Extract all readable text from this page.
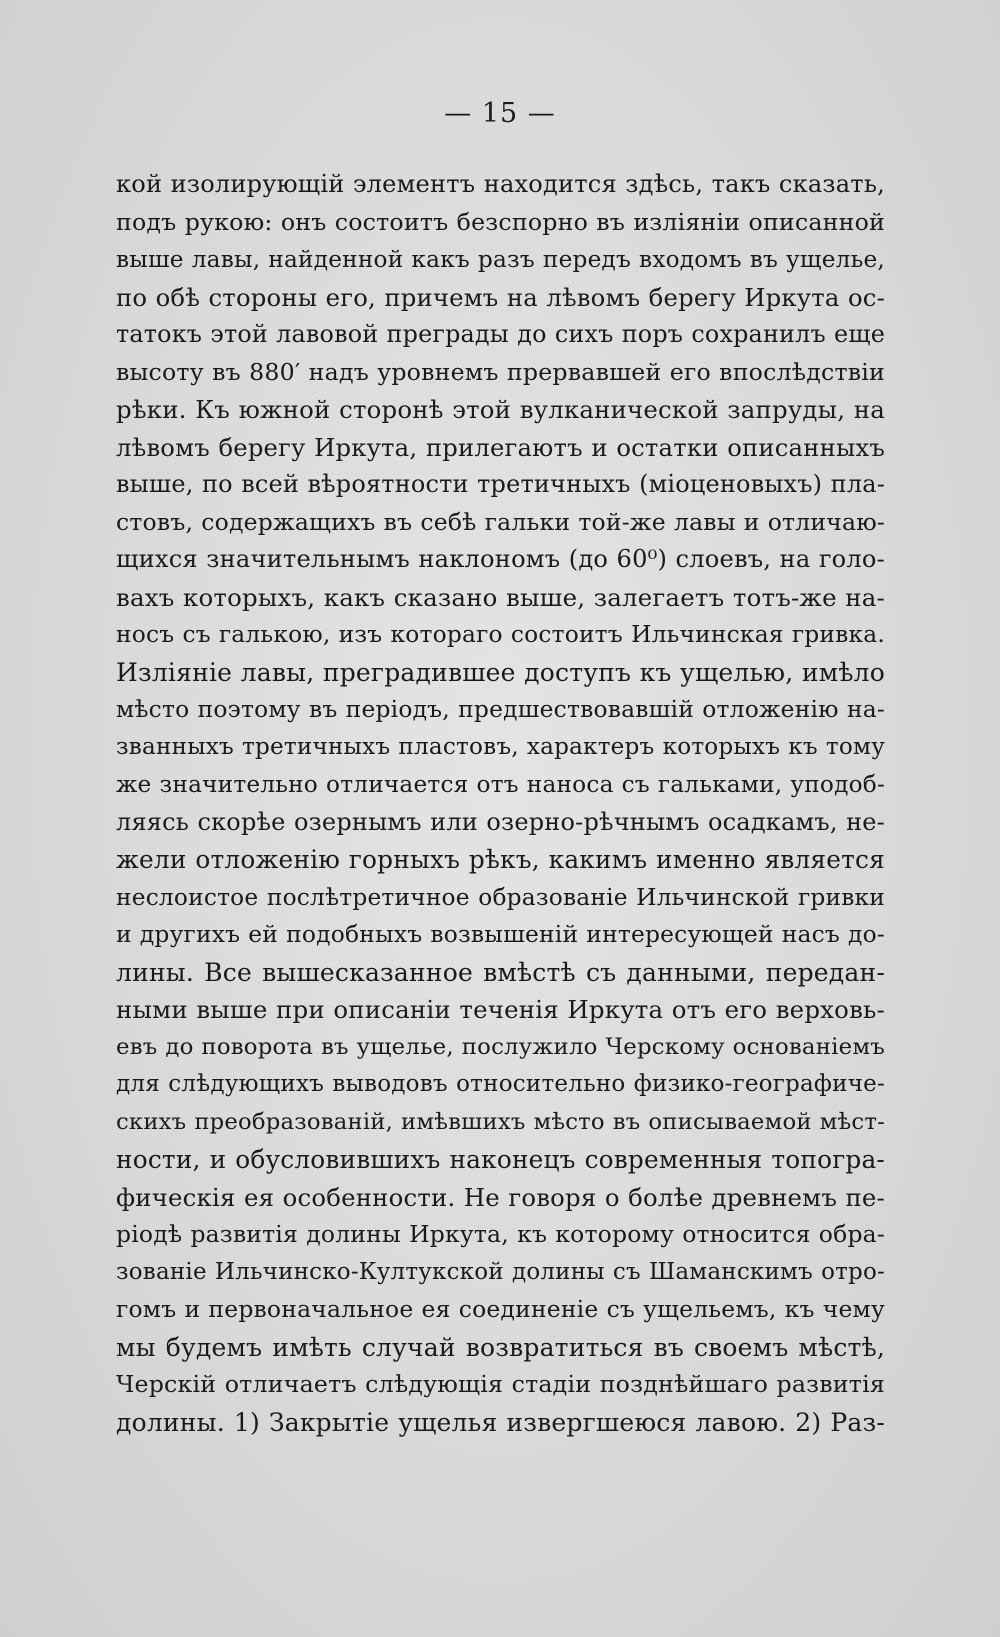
— 15 —
кой изолирующій элементъ находится здѣсь, такъ сказать,
подъ рукою: онъ состоитъ безспорно въ изліяніи описанной
выше лавы, найденной какъ разъ передъ входомъ въ ущелье,
по обѣ стороны его, причемъ на лѣвомъ берегу Иркута ос-
татокъ этой лавовой преграды до сихъ поръ сохранилъ еще
высоту въ 880′ надъ уровнемъ прервавшей его впослѣдствіи
рѣки. Къ южной сторонѣ этой вулканической запруды, на
лѣвомъ берегу Иркута, прилегаютъ и остатки описанныхъ
выше, по всей вѣроятности третичныхъ (міоценовыхъ) пла-
стовъ, содержащихъ въ себѣ гальки той-же лавы и отличаю-
щихся значительнымъ наклономъ (до 60⁰) слоевъ, на голо-
вахъ которыхъ, какъ сказано выше, залегаетъ тотъ-же на-
носъ съ галькою, изъ котораго состоитъ Ильчинская гривка.
Изліяніе лавы, преградившее доступъ къ ущелью, имѣло
мѣсто поэтому въ періодъ, предшествовавшій отложенію на-
званныхъ третичныхъ пластовъ, характеръ которыхъ къ тому
же значительно отличается отъ наноса съ гальками, уподоб-
ляясь скорѣе озернымъ или озерно-рѣчнымъ осадкамъ, не-
жели отложенію горныхъ рѣкъ, какимъ именно является
неслоистое послѣтретичное образованіе Ильчинской гривки
и другихъ ей подобныхъ возвышеній интересующей насъ до-
лины. Все вышесказанное вмѣстѣ съ данными, передан-
ными выше при описаніи теченія Иркута отъ его верховь-
евъ до поворота въ ущелье, послужило Черскому основаніемъ
для слѣдующихъ выводовъ относительно физико-географиче-
скихъ преобразованій, имѣвшихъ мѣсто въ описываемой мѣст-
ности, и обусловившихъ наконецъ современныя топогра-
фическія ея особенности. Не говоря о болѣе древнемъ пе-
ріодѣ развитія долины Иркута, къ которому относится обра-
зованіе Ильчинско-Култукской долины съ Шаманскимъ отро-
гомъ и первоначальное ея соединеніе съ ущельемъ, къ чему
мы будемъ имѣть случай возвратиться въ своемъ мѣстѣ,
Черскій отличаетъ слѣдующія стадіи позднѣйшаго развитія
долины. 1) Закрытіе ущелья извергшеюся лавою. 2) Раз-
